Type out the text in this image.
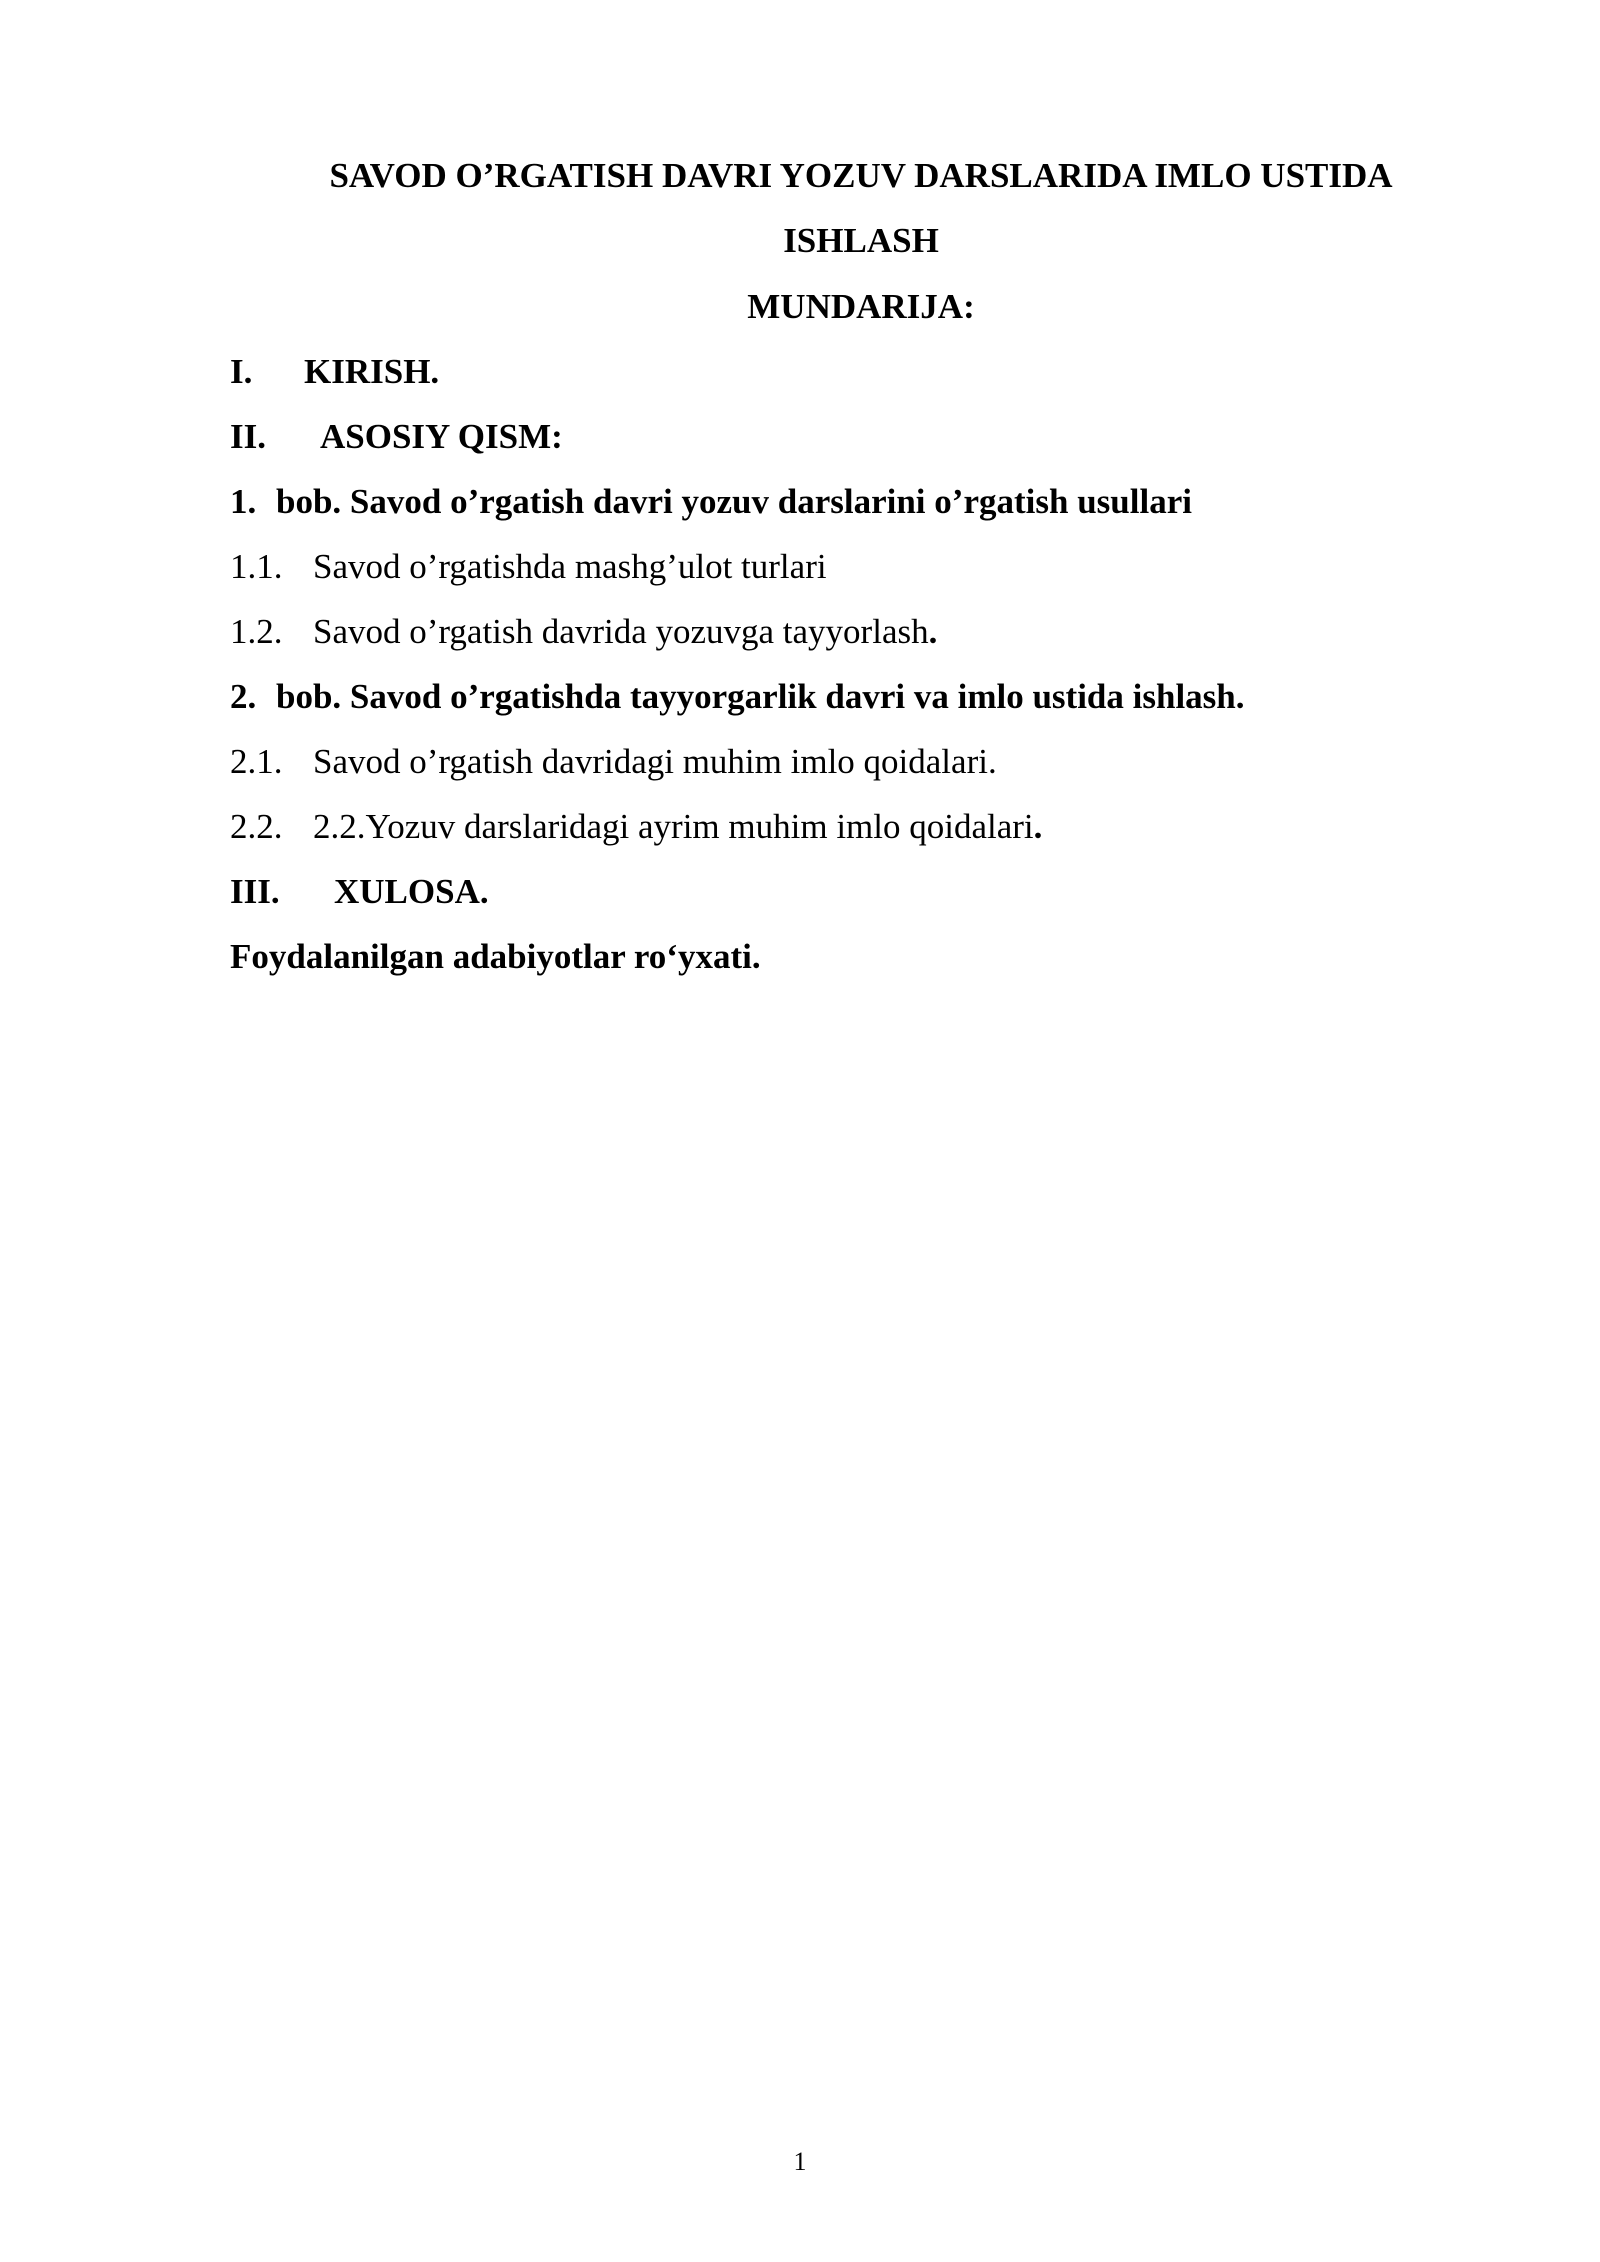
SAVOD O’RGATISH DAVRI YOZUV DARSLARIDA IMLO USTIDA
ISHLASH
MUNDARIJA:
I. KIRISH.
II. ASOSIY QISM:
1. bob. Savod o’rgatish davri yozuv darslarini o’rgatish usullari
1.1. Savod o’rgatishda mashg’ulot turlari
1.2. Savod o’rgatish davrida yozuvga tayyorlash.
2. bob. Savod o’rgatishda tayyorgarlik davri va imlo ustida ishlash.
2.1. Savod o’rgatish davridagi muhim imlo qoidalari.
2.2. 2.2.Yozuv darslaridagi ayrim muhim imlo qoidalari.
III. XULOSA.
Foydalanilgan adabiyotlar ro‘yxati.
1
